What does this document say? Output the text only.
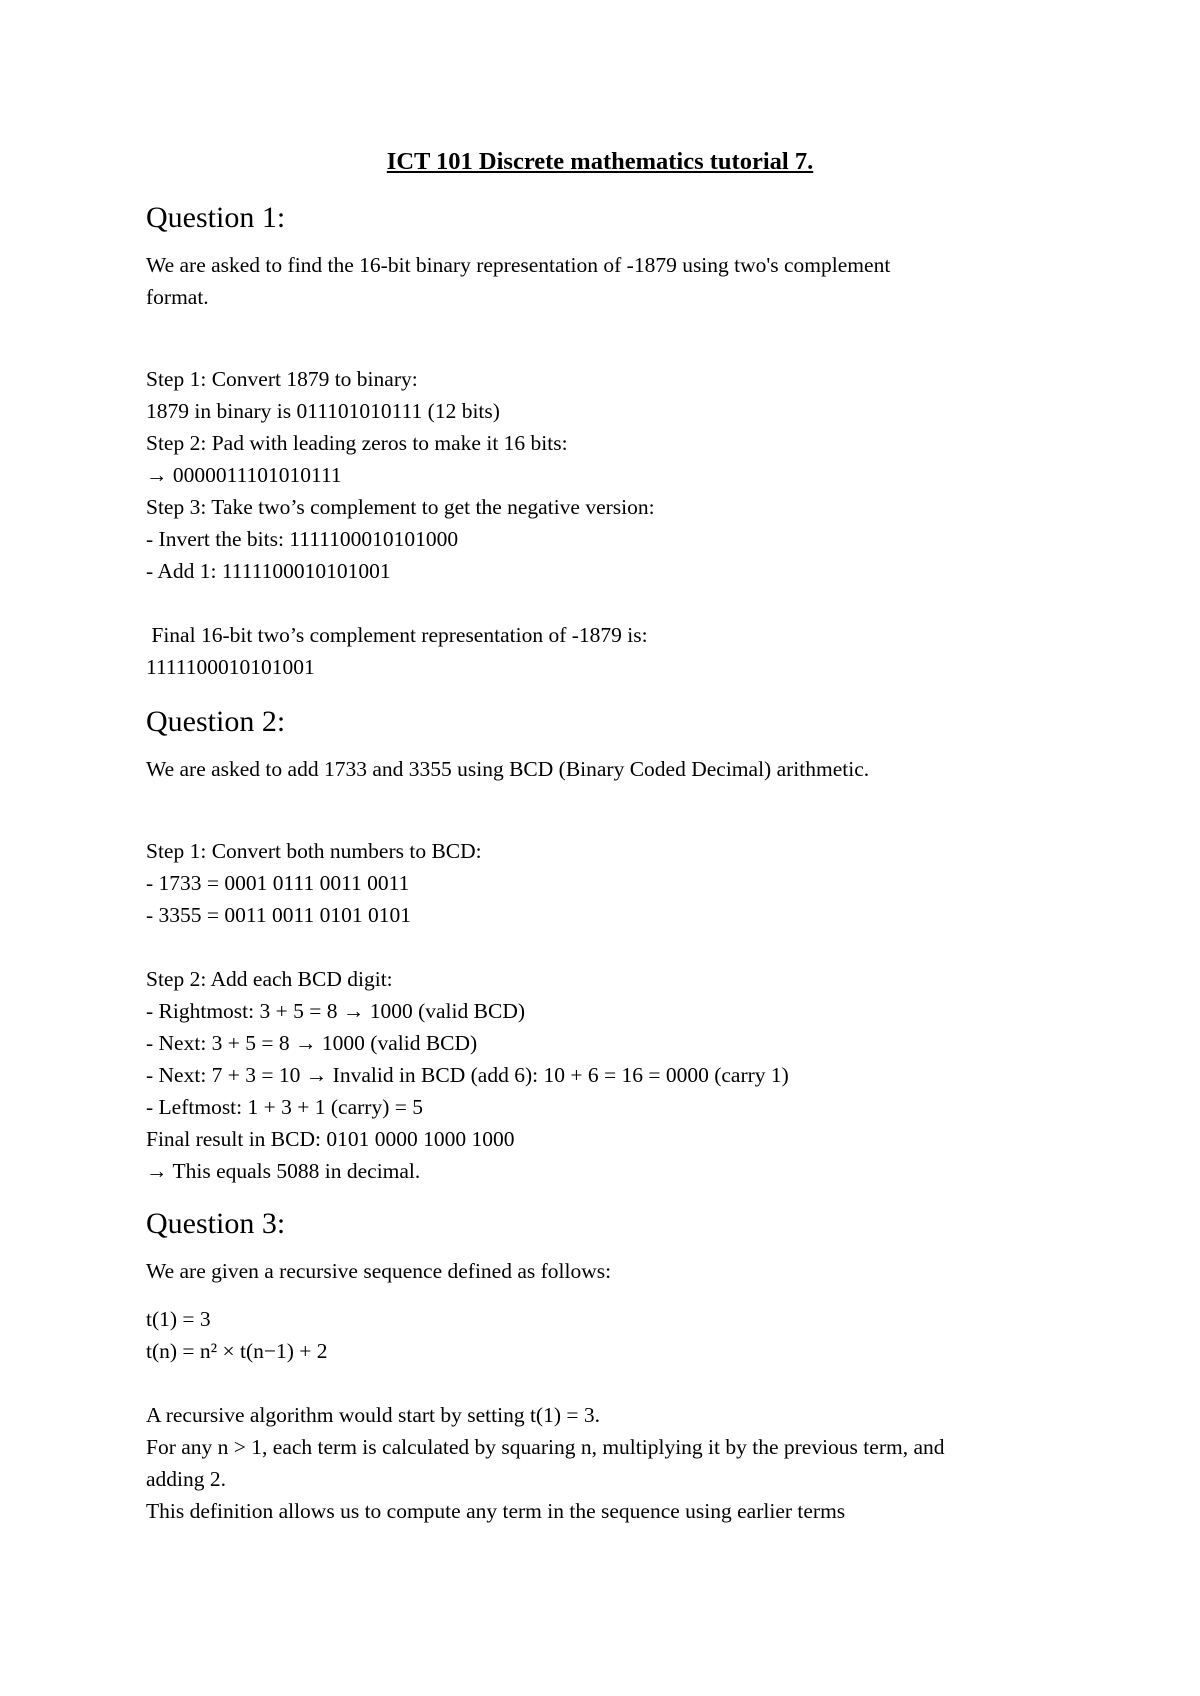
ICT 101 Discrete mathematics tutorial 7.
Question 1:
We are asked to find the 16-bit binary representation of -1879 using two's complement
format.
Step 1: Convert 1879 to binary:
1879 in binary is 011101010111 (12 bits)
Step 2: Pad with leading zeros to make it 16 bits:
→ 0000011101010111
Step 3: Take two’s complement to get the negative version:
- Invert the bits: 1111100010101000
- Add 1: 1111100010101001
Final 16-bit two’s complement representation of -1879 is:
1111100010101001
Question 2:
We are asked to add 1733 and 3355 using BCD (Binary Coded Decimal) arithmetic.
Step 1: Convert both numbers to BCD:
- 1733 = 0001 0111 0011 0011
- 3355 = 0011 0011 0101 0101
Step 2: Add each BCD digit:
- Rightmost: 3 + 5 = 8 → 1000 (valid BCD)
- Next: 3 + 5 = 8 → 1000 (valid BCD)
- Next: 7 + 3 = 10 → Invalid in BCD (add 6): 10 + 6 = 16 = 0000 (carry 1)
- Leftmost: 1 + 3 + 1 (carry) = 5
Final result in BCD: 0101 0000 1000 1000
→ This equals 5088 in decimal.
Question 3:
We are given a recursive sequence defined as follows:
t(1) = 3
t(n) = n² × t(n−1) + 2
A recursive algorithm would start by setting t(1) = 3.
For any n > 1, each term is calculated by squaring n, multiplying it by the previous term, and
adding 2.
This definition allows us to compute any term in the sequence using earlier terms
